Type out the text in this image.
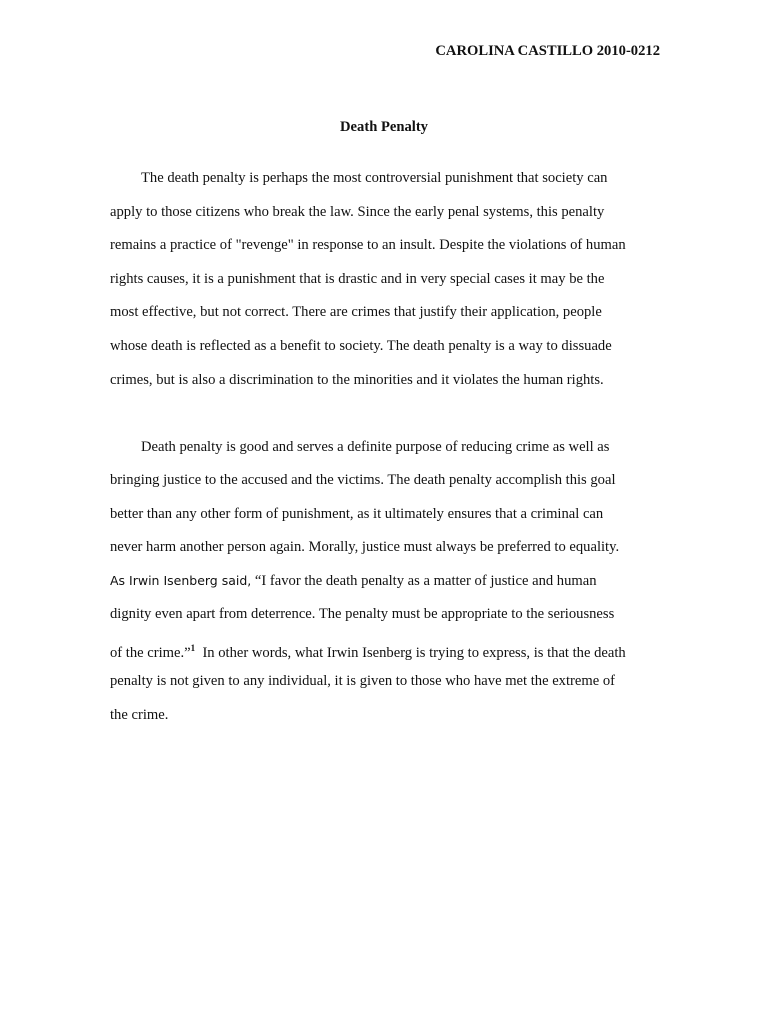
CAROLINA CASTILLO 2010-0212
Death Penalty
The death penalty is perhaps the most controversial punishment that society can
apply to those citizens who break the law. Since the early penal systems, this penalty
remains a practice of "revenge" in response to an insult. Despite the violations of human
rights causes, it is a punishment that is drastic and in very special cases it may be the
most effective, but not correct. There are crimes that justify their application, people
whose death is reflected as a benefit to society. The death penalty is a way to dissuade
crimes, but is also a discrimination to the minorities and it violates the human rights.
Death penalty is good and serves a definite purpose of reducing crime as well as
bringing justice to the accused and the victims. The death penalty accomplish this goal
better than any other form of punishment, as it ultimately ensures that a criminal can
never harm another person again. Morally, justice must always be preferred to equality.
As Irwin Isenberg said, “I favor the death penalty as a matter of justice and human
dignity even apart from deterrence. The penalty must be appropriate to the seriousness
of the crime.”$^1$  In other words, what Irwin Isenberg is trying to express, is that the death
penalty is not given to any individual, it is given to those who have met the extreme of
the crime.
